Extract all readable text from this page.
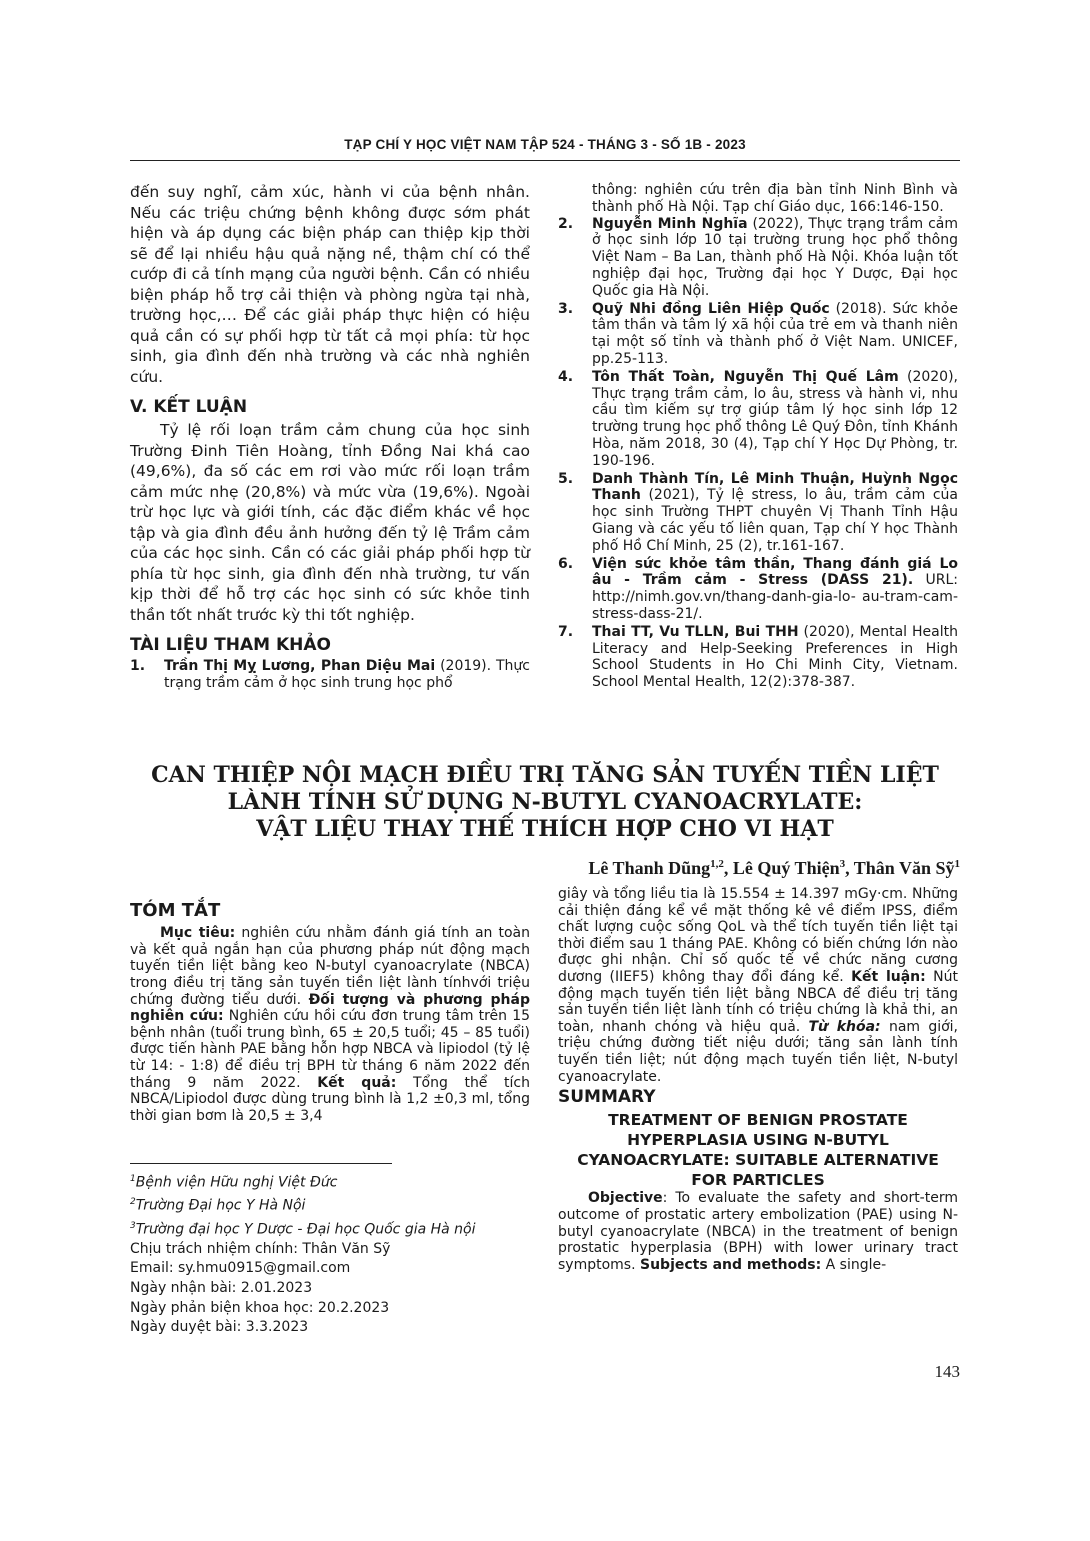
TẠP CHÍ Y HỌC VIỆT NAM TẬP 524 - THÁNG 3 - SỐ 1B - 2023

đến suy nghĩ, cảm xúc, hành vi của bệnh nhân. Nếu các triệu chứng bệnh không được sớm phát hiện và áp dụng các biện pháp can thiệp kịp thời sẽ để lại nhiều hậu quả nặng nề, thậm chí có thể cướp đi cả tính mạng của người bệnh. Cần có nhiều biện pháp hỗ trợ cải thiện và phòng ngừa tại nhà, trường học,… Để các giải pháp thực hiện có hiệu quả cần có sự phối hợp từ tất cả mọi phía: từ học sinh, gia đình đến nhà trường và các nhà nghiên cứu.

V. KẾT LUẬN

Tỷ lệ rối loạn trầm cảm chung của học sinh Trường Đinh Tiên Hoàng, tỉnh Đồng Nai khá cao (49,6%), đa số các em rơi vào mức rối loạn trầm cảm mức nhẹ (20,8%) và mức vừa (19,6%). Ngoài trừ học lực và giới tính, các đặc điểm khác về học tập và gia đình đều ảnh hưởng đến tỷ lệ Trầm cảm của các học sinh. Cần có các giải pháp phối hợp từ phía từ học sinh, gia đình đến nhà trường, tư vấn kịp thời để hỗ trợ các học sinh có sức khỏe tinh thần tốt nhất trước kỳ thi tốt nghiệp.

TÀI LIỆU THAM KHẢO
1.	Trần Thị Mỵ Lương, Phan Diệu Mai (2019). Thực trạng trầm cảm ở học sinh trung học phổ
thông: nghiên cứu trên địa bàn tỉnh Ninh Bình và thành phố Hà Nội. Tạp chí Giáo dục, 166:146-150.
2.	Nguyễn Minh Nghĩa (2022), Thực trạng trầm cảm ở học sinh lớp 10 tại trường trung học phổ thông Việt Nam – Ba Lan, thành phố Hà Nội. Khóa luận tốt nghiệp đại học, Trường đại học Y Dược, Đại học Quốc gia Hà Nội.
3.	Quỹ Nhi đồng Liên Hiệp Quốc (2018). Sức khỏe tâm thần và tâm lý xã hội của trẻ em và thanh niên tại một số tỉnh và thành phố ở Việt Nam. UNICEF, pp.25-113.
4.	Tôn Thất Toàn, Nguyễn Thị Quế Lâm (2020), Thực trạng trầm cảm, lo âu, stress và hành vi, nhu cầu tìm kiếm sự trợ giúp tâm lý học sinh lớp 12 trường trung học phổ thông Lê Quý Đôn, tỉnh Khánh Hòa, năm 2018, 30 (4), Tạp chí Y Học Dự Phòng, tr. 190-196.
5.	Danh Thành Tín, Lê Minh Thuận, Huỳnh Ngọc Thanh (2021), Tỷ lệ stress, lo âu, trầm cảm của học sinh Trường THPT chuyên Vị Thanh Tỉnh Hậu Giang và các yếu tố liên quan, Tạp chí Y học Thành phố Hồ Chí Minh, 25 (2), tr.161-167.
6.	Viện sức khỏe tâm thần, Thang đánh giá Lo âu - Trầm cảm - Stress (DASS 21). URL: http://nimh.gov.vn/thang-danh-gia-lo- au-tram-cam-stress-dass-21/.
7.	Thai TT, Vu TLLN, Bui THH (2020), Mental Health Literacy and Help-Seeking Preferences in High School Students in Ho Chi Minh City, Vietnam. School Mental Health, 12(2):378-387.
CAN THIỆP NỘI MẠCH ĐIỀU TRỊ TĂNG SẢN TUYẾN TIỀN LIỆT
LÀNH TÍNH SỬ DỤNG N-BUTYL CYANOACRYLATE:
VẬT LIỆU THAY THẾ THÍCH HỢP CHO VI HẠT
Lê Thanh Dũng$^{1,2}$, Lê Quý Thiện$^3$, Thân Văn Sỹ$^1$
TÓM TẮT

Mục tiêu: nghiên cứu nhằm đánh giá tính an toàn và kết quả ngắn hạn của phương pháp nút động mạch tuyến tiền liệt bằng keo N-butyl cyanoacrylate (NBCA) trong điều trị tăng sản tuyến tiền liệt lành tínhvới triệu chứng đường tiểu dưới. Đối tượng và phương pháp nghiên cứu: Nghiên cứu hồi cứu đơn trung tâm trên 15 bệnh nhân (tuổi trung bình, 65 ± 20,5 tuổi; 45 – 85 tuổi) được tiến hành PAE bằng hỗn hợp NBCA và lipiodol (tỷ lệ từ 14: - 1:8) để điều trị BPH từ tháng 6 năm 2022 đến tháng 9 năm 2022. Kết quả: Tổng thể tích NBCA/Lipiodol được dùng trung bình là 1,2 ±0,3 ml, tổng thời gian bơm là 20,5 ± 3,4

$^1$Bệnh viện Hữu nghị Việt Đức
$^2$Trường Đại học Y Hà Nội
$^3$Trường đại học Y Dược - Đại học Quốc gia Hà nội
Chịu trách nhiệm chính: Thân Văn Sỹ
Email: sy.hmu0915@gmail.com
Ngày nhận bài: 2.01.2023
Ngày phản biện khoa học: 20.2.2023
Ngày duyệt bài: 3.3.2023

giây và tổng liều tia là 15.554 ± 14.397 mGy·cm. Những cải thiện đáng kể về mặt thống kê về điểm IPSS, điểm chất lượng cuộc sống QoL và thể tích tuyến tiền liệt tại thời điểm sau 1 tháng PAE. Không có biến chứng lớn nào được ghi nhận. Chỉ số quốc tế về chức năng cương dương (IIEF5) không thay đổi đáng kể. Kết luận: Nút động mạch tuyến tiền liệt bằng NBCA để điều trị tăng sản tuyến tiền liệt lành tính có triệu chứng là khả thi, an toàn, nhanh chóng và hiệu quả. Từ khóa: nam giới, triệu chứng đường tiết niệu dưới; tăng sản lành tính tuyến tiền liệt; nút động mạch tuyến tiền liệt, N-butyl cyanoacrylate.

SUMMARY
TREATMENT OF BENIGN PROSTATE HYPERPLASIA USING N-BUTYL CYANOACRYLATE: SUITABLE ALTERNATIVE FOR PARTICLES

Objective: To evaluate the safety and short-term outcome of prostatic artery embolization (PAE) using N-butyl cyanoacrylate (NBCA) in the treatment of benign prostatic hyperplasia (BPH) with lower urinary tract symptoms. Subjects and methods: A single-

143
